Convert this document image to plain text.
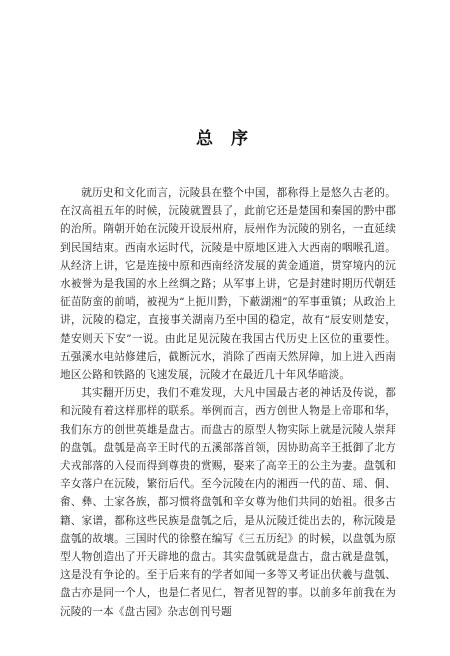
总 序

就历史和文化而言，沅陵县在整个中国，都称得上是悠久古老的。在汉高祖五年的时候，沅陵就置县了，此前它还是楚国和秦国的黔中郡的治所。隋朝开始在沅陵开设辰州府，辰州作为沅陵的别名，一直延续到民国结束。西南水运时代，沅陵是中原地区进入大西南的咽喉孔道。从经济上讲，它是连接中原和西南经济发展的黄金通道，贯穿境内的沅水被誉为是我国的水上丝绸之路；从军事上讲，它是封建时期历代朝廷征苗防蛮的前哨，被视为“上扼川黔，下蔽湖湘”的军事重镇；从政治上讲，沅陵的稳定，直接事关湖南乃至中国的稳定，故有“辰安则楚安，楚安则天下安”一说。由此足见沅陵在我国古代历史上区位的重要性。五强溪水电站修建后，截断沅水，消除了西南天然屏障，加上进入西南地区公路和铁路的飞速发展，沅陵才在最近几十年风华暗淡。

其实翻开历史，我们不难发现，大凡中国最古老的神话及传说，都和沅陵有着这样那样的联系。举例而言，西方创世人物是上帝耶和华，我们东方的创世英雄是盘古。而盘古的原型人物实际上就是沅陵人崇拜的盘瓠。盘瓠是高辛王时代的五溪部落首领，因协助高辛王抵御了北方犬戎部落的入侵而得到尊贵的赏赐，娶来了高辛王的公主为妻。盘瓠和辛女落户在沅陵，繁衍后代。至今沅陵在内的湘西一代的苗、瑶、侗、畲、彝、土家各族，都习惯将盘瓠和辛女尊为他们共同的始祖。很多古籍、家谱，都称这些民族是盘瓠之后，是从沅陵迁徙出去的，称沅陵是盘瓠的故壤。三国时代的徐整在编写《三五历纪》的时候，以盘瓠为原型人物创造出了开天辟地的盘古。其实盘瓠就是盘古，盘古就是盘瓠，这是没有争论的。至于后来有的学者如闻一多等又考证出伏羲与盘瓠、盘古亦是同一个人，也是仁者见仁，智者见智的事。以前多年前我在为沅陵的一本《盘古园》杂志创刊号题
